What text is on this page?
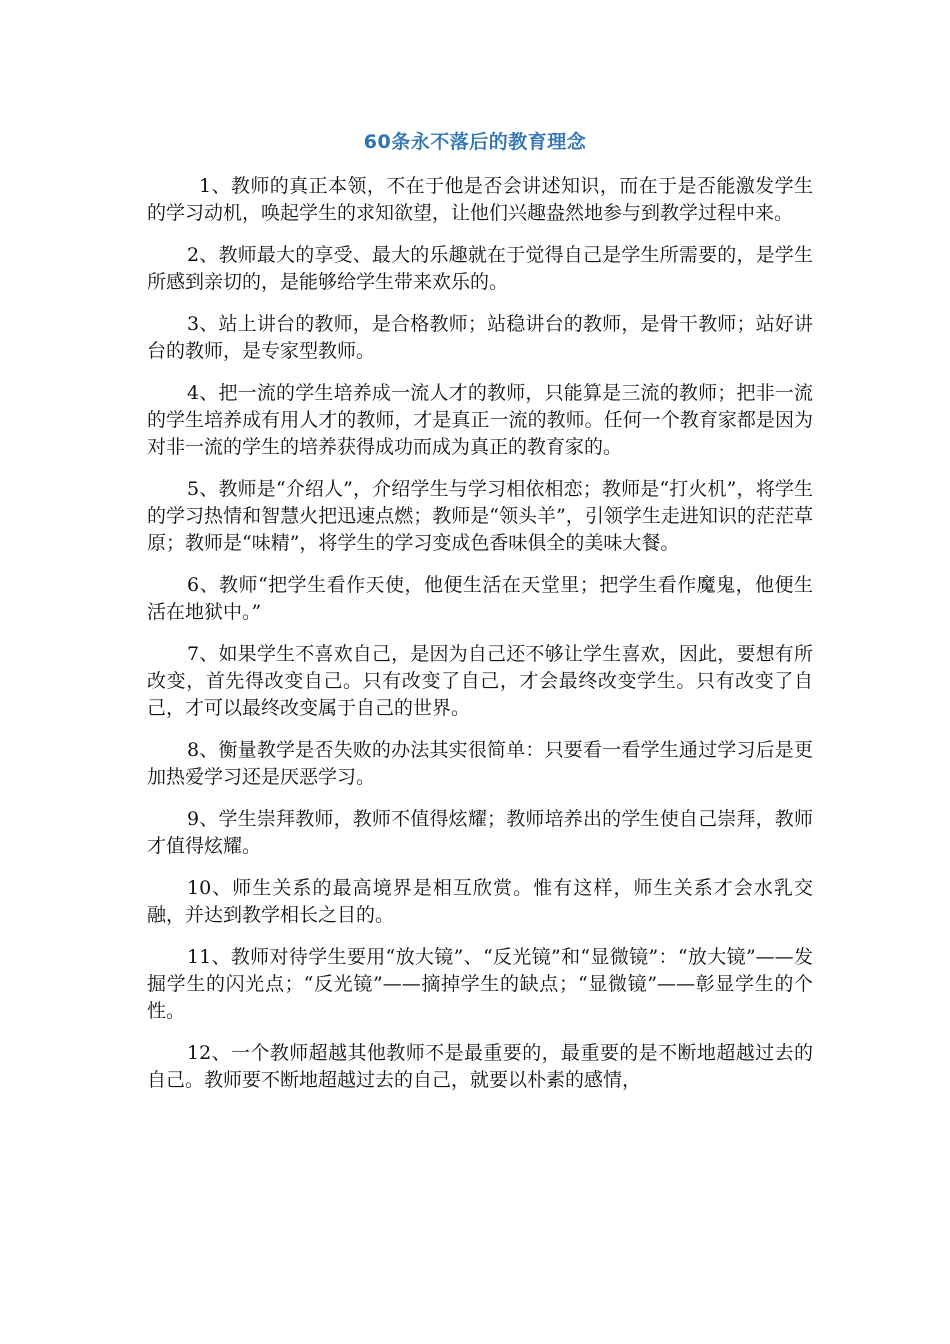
60条永不落后的教育理念

1、教师的真正本领，不在于他是否会讲述知识，而在于是否能激发学生的学习动机，唤起学生的求知欲望，让他们兴趣盎然地参与到教学过程中来。

2、教师最大的享受、最大的乐趣就在于觉得自己是学生所需要的，是学生所感到亲切的，是能够给学生带来欢乐的。

3、站上讲台的教师，是合格教师；站稳讲台的教师，是骨干教师；站好讲台的教师，是专家型教师。

4、把一流的学生培养成一流人才的教师，只能算是三流的教师；把非一流的学生培养成有用人才的教师，才是真正一流的教师。任何一个教育家都是因为对非一流的学生的培养获得成功而成为真正的教育家的。

5、教师是“介绍人”，介绍学生与学习相依相恋；教师是“打火机”，将学生的学习热情和智慧火把迅速点燃；教师是“领头羊”，引领学生走进知识的茫茫草原；教师是“味精”，将学生的学习变成色香味俱全的美味大餐。

6、教师“把学生看作天使，他便生活在天堂里；把学生看作魔鬼，他便生活在地狱中。”

7、如果学生不喜欢自己，是因为自己还不够让学生喜欢，因此，要想有所改变，首先得改变自己。只有改变了自己，才会最终改变学生。只有改变了自己，才可以最终改变属于自己的世界。

8、衡量教学是否失败的办法其实很简单：只要看一看学生通过学习后是更加热爱学习还是厌恶学习。

9、学生崇拜教师，教师不值得炫耀；教师培养出的学生使自己崇拜，教师才值得炫耀。

10、师生关系的最高境界是相互欣赏。惟有这样，师生关系才会水乳交融，并达到教学相长之目的。

11、教师对待学生要用“放大镜”、“反光镜”和“显微镜”：“放大镜”——发掘学生的闪光点；“反光镜”——摘掉学生的缺点；“显微镜”——彰显学生的个性。

12、一个教师超越其他教师不是最重要的，最重要的是不断地超越过去的自己。教师要不断地超越过去的自己，就要以朴素的感情，
